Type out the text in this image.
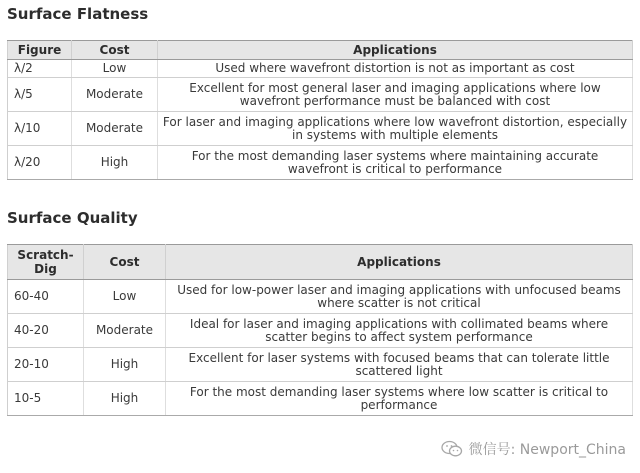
Surface Flatness
Figure	Cost	Applications
λ/2	Low	Used where wavefront distortion is not as important as cost
λ/5	Moderate	Excellent for most general laser and imaging applications where low wavefront performance must be balanced with cost
λ/10	Moderate	For laser and imaging applications where low wavefront distortion, especially in systems with multiple elements
λ/20	High	For the most demanding laser systems where maintaining accurate wavefront is critical to performance
Surface Quality
Scratch-Dig	Cost	Applications
60-40	Low	Used for low-power laser and imaging applications with unfocused beams where scatter is not critical
40-20	Moderate	Ideal for laser and imaging applications with collimated beams where scatter begins to affect system performance
20-10	High	Excellent for laser systems with focused beams that can tolerate little scattered light
10-5	High	For the most demanding laser systems where low scatter is critical to performance
微信号: Newport_China
